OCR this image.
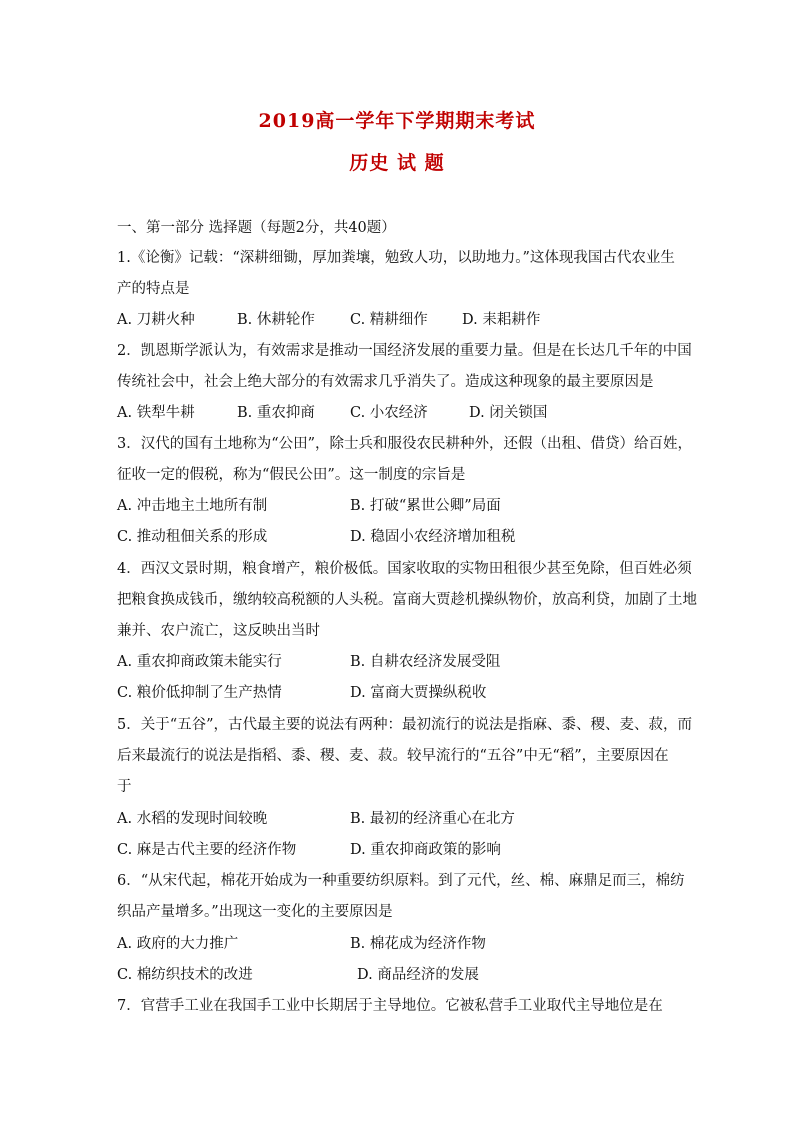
2019高一学年下学期期末考试
历史 试 题
一、第一部分 选择题（每题2分，共40题）
1.《论衡》记载：“深耕细锄，厚加粪壤，勉致人功，以助地力。”这体现我国古代农业生
产的特点是
A. 刀耕火种	B. 休耕轮作 C. 精耕细作 D. 耒耜耕作
2．凯恩斯学派认为，有效需求是推动一国经济发展的重要力量。但是在长达几千年的中国
传统社会中，社会上绝大部分的有效需求几乎消失了。造成这种现象的最主要原因是
A. 铁犁牛耕	B. 重农抑商 C. 小农经济	D. 闭关锁国
3．汉代的国有土地称为“公田”，除士兵和服役农民耕种外，还假（出租、借贷）给百姓，
征收一定的假税，称为“假民公田”。这一制度的宗旨是
A. 冲击地主土地所有制	B. 打破“累世公卿”局面
C. 推动租佃关系的形成	D. 稳固小农经济增加租税
4．西汉文景时期，粮食增产，粮价极低。国家收取的实物田租很少甚至免除，但百姓必须
把粮食换成钱币，缴纳较高税额的人头税。富商大贾趁机操纵物价，放高利贷，加剧了土地
兼并、农户流亡，这反映出当时
A. 重农抑商政策未能实行	B. 自耕农经济发展受阻
C. 粮价低抑制了生产热情	D. 富商大贾操纵税收
5．关于“五谷”，古代最主要的说法有两种：最初流行的说法是指麻、黍、稷、麦、菽，而
后来最流行的说法是指稻、黍、稷、麦、菽。较早流行的“五谷”中无“稻”，主要原因在
于
A. 水稻的发现时间较晚	B. 最初的经济重心在北方
C. 麻是古代主要的经济作物	D. 重农抑商政策的影响
6．“从宋代起，棉花开始成为一种重要纺织原料。到了元代，丝、棉、麻鼎足而三，棉纺
织品产量增多。”出现这一变化的主要原因是
A. 政府的大力推广	B. 棉花成为经济作物
C. 棉纺织技术的改进	D. 商品经济的发展
7．官营手工业在我国手工业中长期居于主导地位。它被私营手工业取代主导地位是在
